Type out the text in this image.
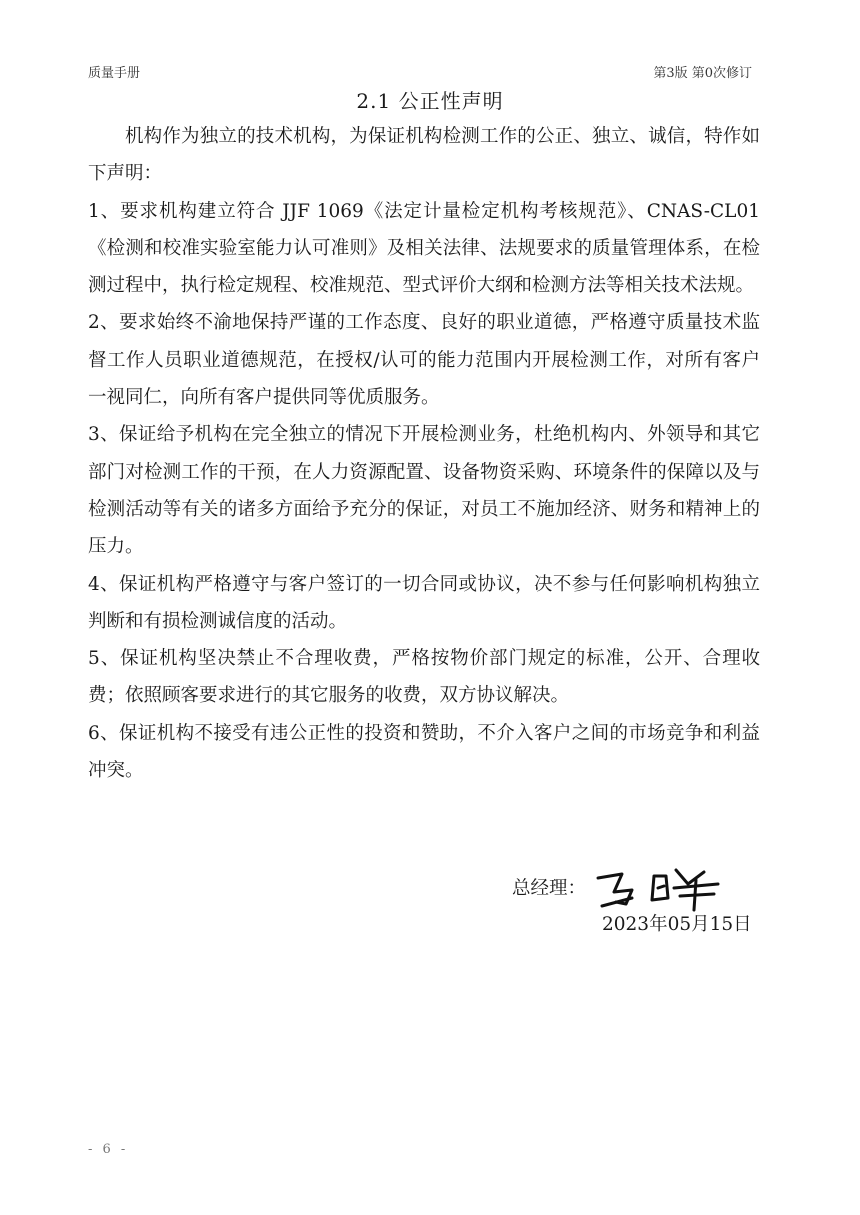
质量手册	第3版 第0次修订
2.1 公正性声明

机构作为独立的技术机构，为保证机构检测工作的公正、独立、诚信，特作如下声明：

1、要求机构建立符合 JJF 1069《法定计量检定机构考核规范》、CNAS-CL01《检测和校准实验室能力认可准则》及相关法律、法规要求的质量管理体系，在检测过程中，执行检定规程、校准规范、型式评价大纲和检测方法等相关技术法规。

2、要求始终不渝地保持严谨的工作态度、良好的职业道德，严格遵守质量技术监督工作人员职业道德规范，在授权/认可的能力范围内开展检测工作，对所有客户一视同仁，向所有客户提供同等优质服务。

3、保证给予机构在完全独立的情况下开展检测业务，杜绝机构内、外领导和其它部门对检测工作的干预，在人力资源配置、设备物资采购、环境条件的保障以及与检测活动等有关的诸多方面给予充分的保证，对员工不施加经济、财务和精神上的压力。

4、保证机构严格遵守与客户签订的一切合同或协议，决不参与任何影响机构独立判断和有损检测诚信度的活动。

5、保证机构坚决禁止不合理收费，严格按物价部门规定的标准，公开、合理收费；依照顾客要求进行的其它服务的收费，双方协议解决。

6、保证机构不接受有违公正性的投资和赞助，不介入客户之间的市场竞争和利益冲突。

总经理：
2023年05月15日
- 6 -
